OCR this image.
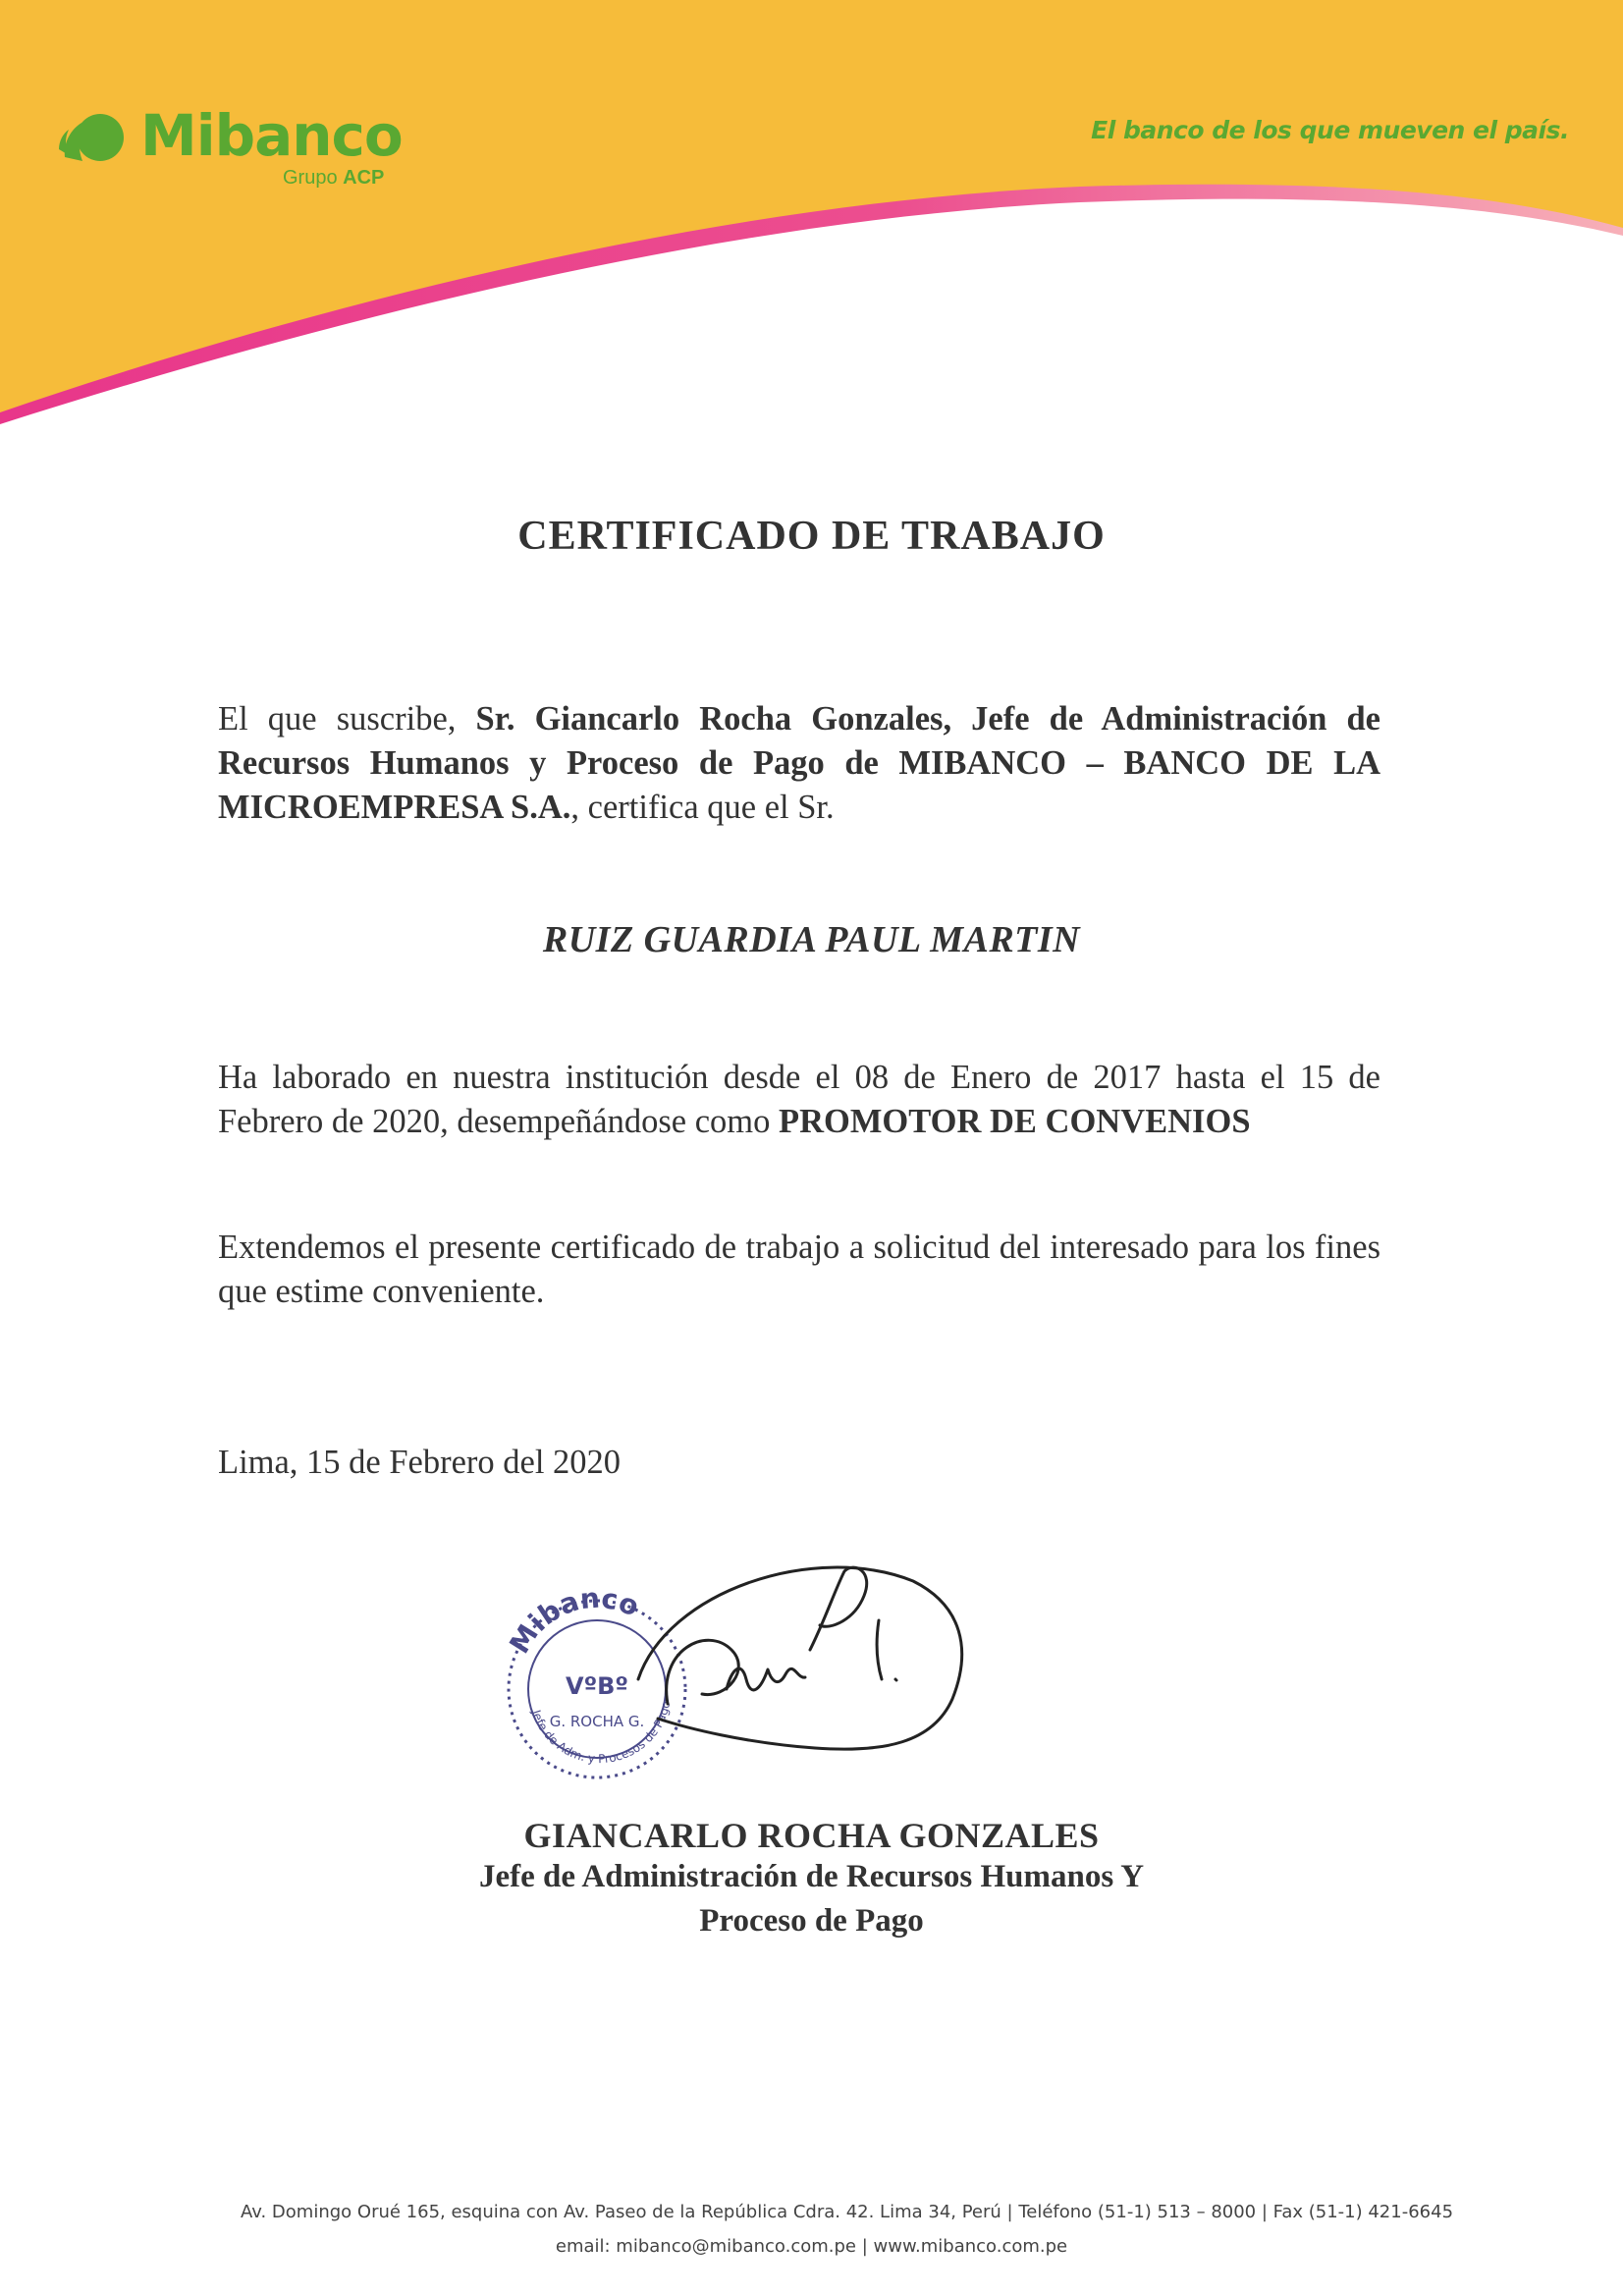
Mibanco
Grupo ACP
El banco de los que mueven el país.
CERTIFICADO DE TRABAJO
El que suscribe, Sr. Giancarlo Rocha Gonzales, Jefe de Administración de Recursos Humanos y Proceso de Pago de MIBANCO – BANCO DE LA MICROEMPRESA S.A., certifica que el Sr.
RUIZ GUARDIA PAUL MARTIN
Ha laborado en nuestra institución desde el 08 de Enero de 2017 hasta el 15 de Febrero de 2020, desempeñándose como PROMOTOR DE CONVENIOS
Extendemos el presente certificado de trabajo a solicitud del interesado para los fines que estime conveniente.
Lima, 15 de Febrero del 2020
Mibanco
VºBº
G. ROCHA G.
Jefe de Adm. y Procesos de Pago
GIANCARLO ROCHA GONZALES
Jefe de Administración de Recursos Humanos Y
Proceso de Pago
Av. Domingo Orué 165, esquina con Av. Paseo de la República Cdra. 42. Lima 34, Perú | Teléfono (51-1) 513 – 8000 | Fax (51-1) 421-6645
email: mibanco@mibanco.com.pe | www.mibanco.com.pe
